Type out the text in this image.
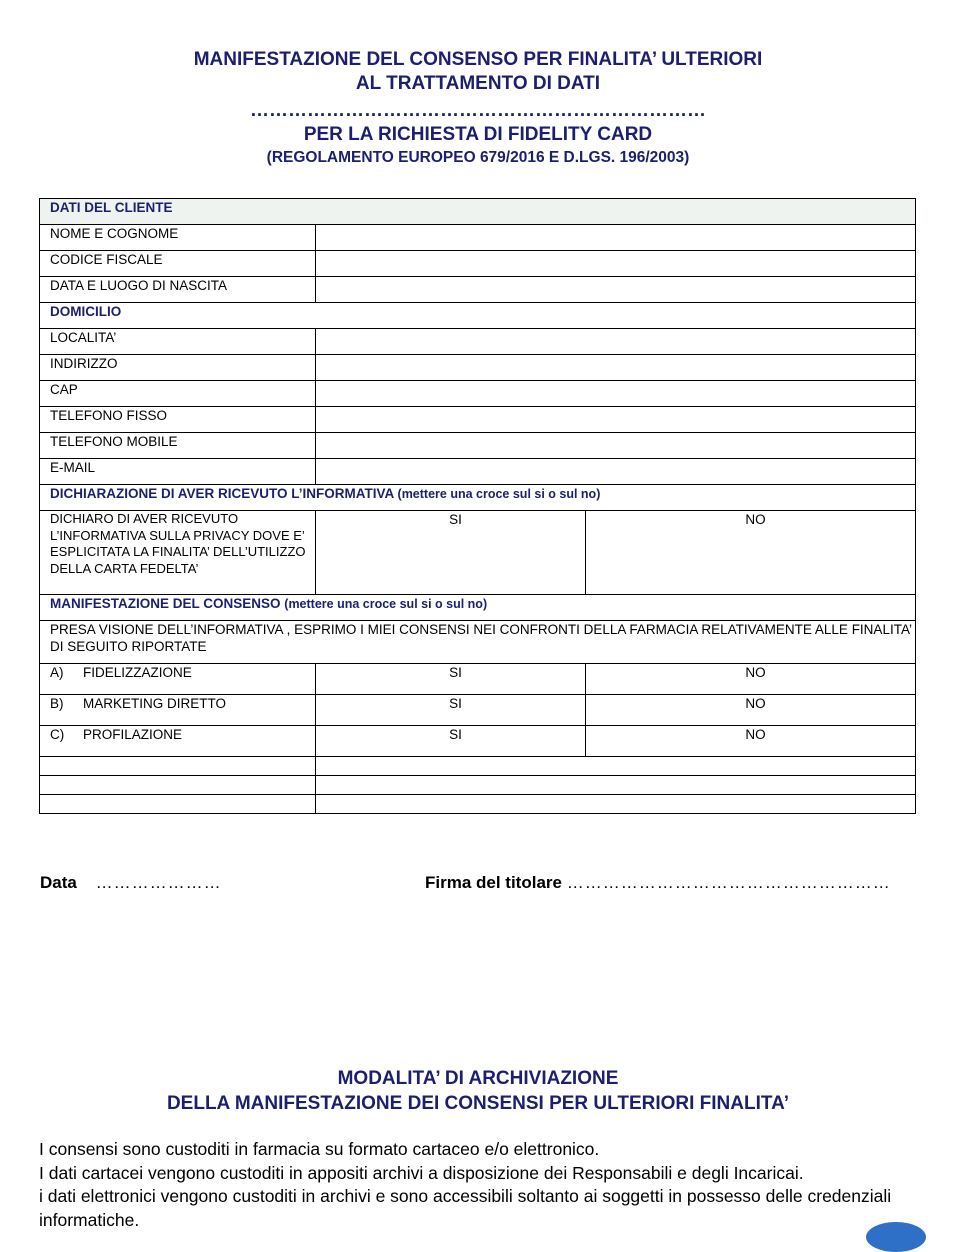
MANIFESTAZIONE DEL CONSENSO PER FINALITA’ ULTERIORI
AL TRATTAMENTO DI DATI
………………………………………………………………
PER LA RICHIESTA DI FIDELITY CARD
(REGOLAMENTO EUROPEO 679/2016 E D.LGS. 196/2003)
DATI DEL CLIENTE		
NOME E COGNOME		
CODICE FISCALE		
DATA E LUOGO DI NASCITA		
DOMICILIO		
LOCALITA’		
INDIRIZZO		
CAP		
TELEFONO FISSO		
TELEFONO MOBILE		
E-MAIL		
DICHIARAZIONE DI AVER RICEVUTO L’INFORMATIVA (mettere una croce sul si o sul no)		
DICHIARO DI AVER RICEVUTO L’INFORMATIVA SULLA PRIVACY DOVE E’ ESPLICITATA LA FINALITA’ DELL’UTILIZZO DELLA CARTA FEDELTA’	SI	NO
MANIFESTAZIONE DEL CONSENSO (mettere una croce sul si o sul no)		
PRESA VISIONE DELL’INFORMATIVA , ESPRIMO I MIEI CONSENSI NEI CONFRONTI DELLA FARMACIA RELATIVAMENTE ALLE FINALITA’ DI SEGUITO RIPORTATE		
A) FIDELIZZAZIONE	SI	NO
B) MARKETING DIRETTO	SI	NO
C) PROFILAZIONE	SI	NO

Data …………………	Firma del titolare ………………………………………………
MODALITA’ DI ARCHIVIAZIONE
DELLA MANIFESTAZIONE DEI CONSENSI PER ULTERIORI FINALITA’
I consensi sono custoditi in farmacia su formato cartaceo e/o elettronico.
I dati cartacei vengono custoditi in appositi archivi a disposizione dei Responsabili e degli Incaricai.
i dati elettronici vengono custoditi in archivi e sono accessibili soltanto ai soggetti in possesso delle credenziali informatiche.
